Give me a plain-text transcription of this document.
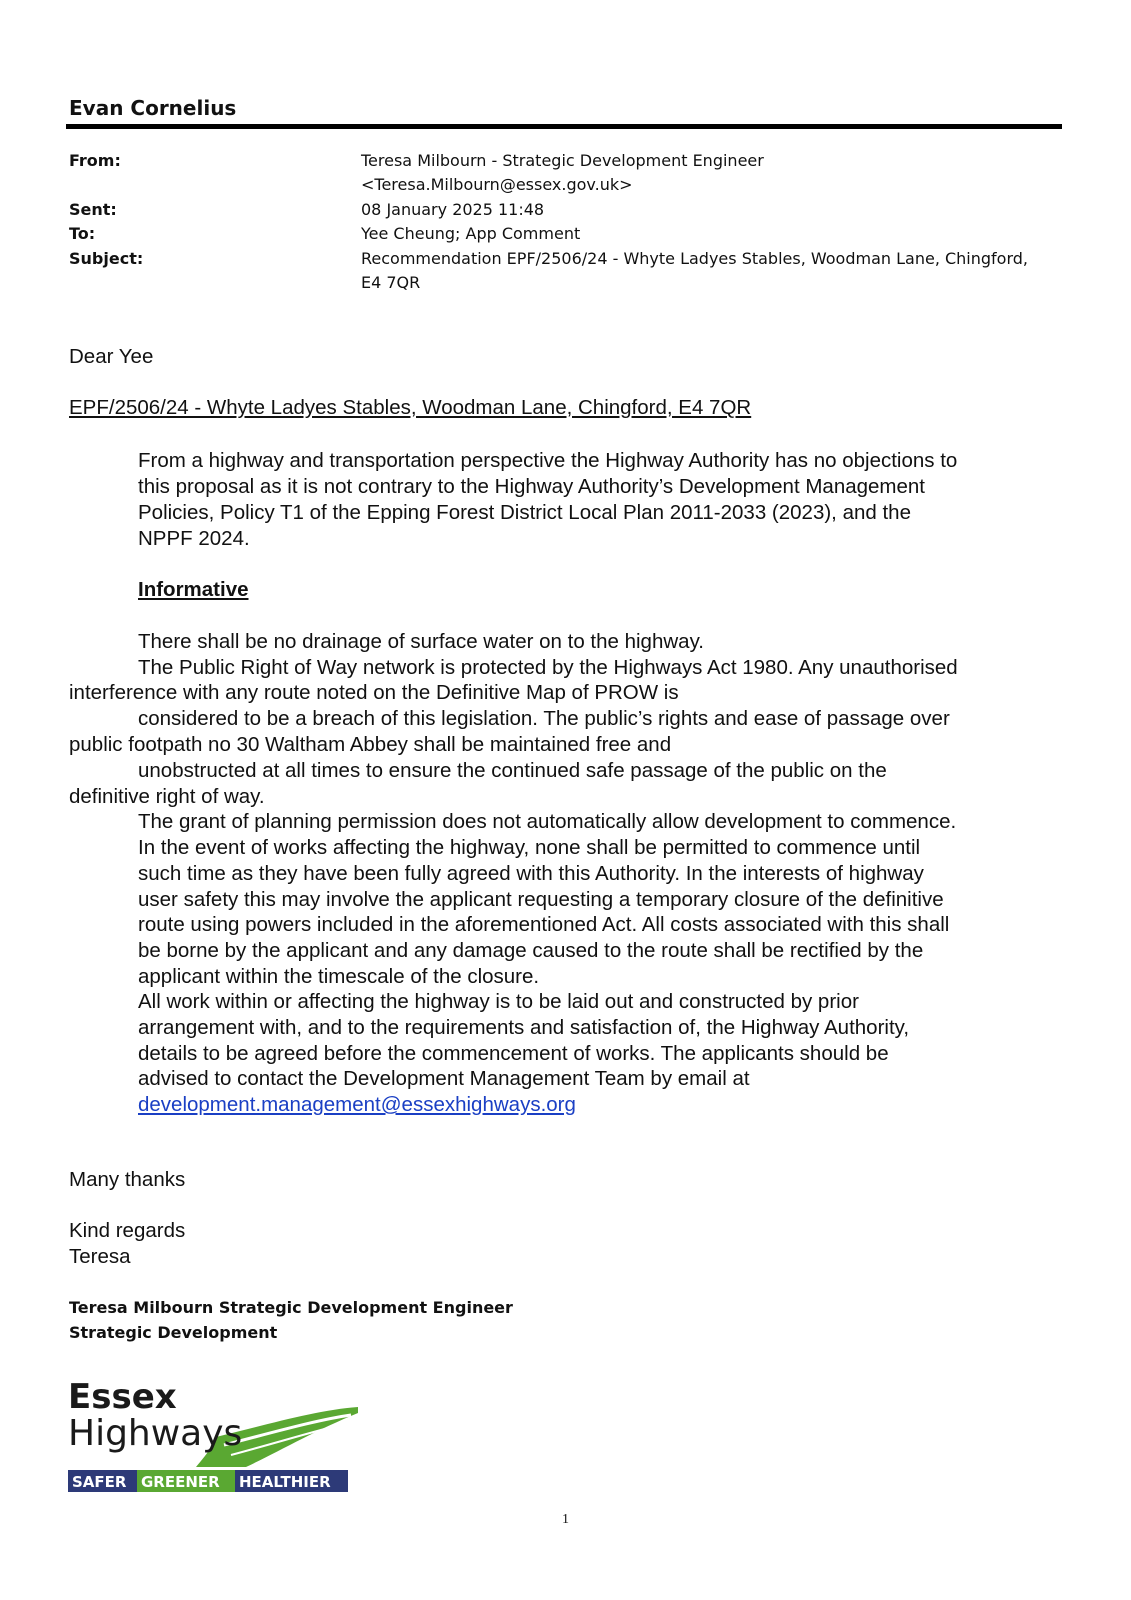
Evan Cornelius
From:	Teresa Milbourn - Strategic Development Engineer
<Teresa.Milbourn@essex.gov.uk>
Sent:	08 January 2025 11:48
To:	Yee Cheung; App Comment
Subject:	Recommendation EPF/2506/24 - Whyte Ladyes Stables, Woodman Lane, Chingford,
E4 7QR
Dear Yee
EPF/2506/24 - Whyte Ladyes Stables, Woodman Lane, Chingford, E4 7QR
From a highway and transportation perspective the Highway Authority has no objections to
this proposal as it is not contrary to the Highway Authority’s Development Management
Policies, Policy T1 of the Epping Forest District Local Plan 2011-2033 (2023), and the
NPPF 2024.
Informative
There shall be no drainage of surface water on to the highway.
The Public Right of Way network is protected by the Highways Act 1980. Any unauthorised
interference with any route noted on the Definitive Map of PROW is
considered to be a breach of this legislation. The public’s rights and ease of passage over
public footpath no 30 Waltham Abbey shall be maintained free and
unobstructed at all times to ensure the continued safe passage of the public on the
definitive right of way.
The grant of planning permission does not automatically allow development to commence.
In the event of works affecting the highway, none shall be permitted to commence until
such time as they have been fully agreed with this Authority. In the interests of highway
user safety this may involve the applicant requesting a temporary closure of the definitive
route using powers included in the aforementioned Act. All costs associated with this shall
be borne by the applicant and any damage caused to the route shall be rectified by the
applicant within the timescale of the closure.
All work within or affecting the highway is to be laid out and constructed by prior
arrangement with, and to the requirements and satisfaction of, the Highway Authority,
details to be agreed before the commencement of works. The applicants should be
advised to contact the Development Management Team by email at
development.management@essexhighways.org
Many thanks
Kind regards
Teresa
Teresa Milbourn Strategic Development Engineer
Strategic Development
Essex
Highways
SAFER GREENER HEALTHIER
1
